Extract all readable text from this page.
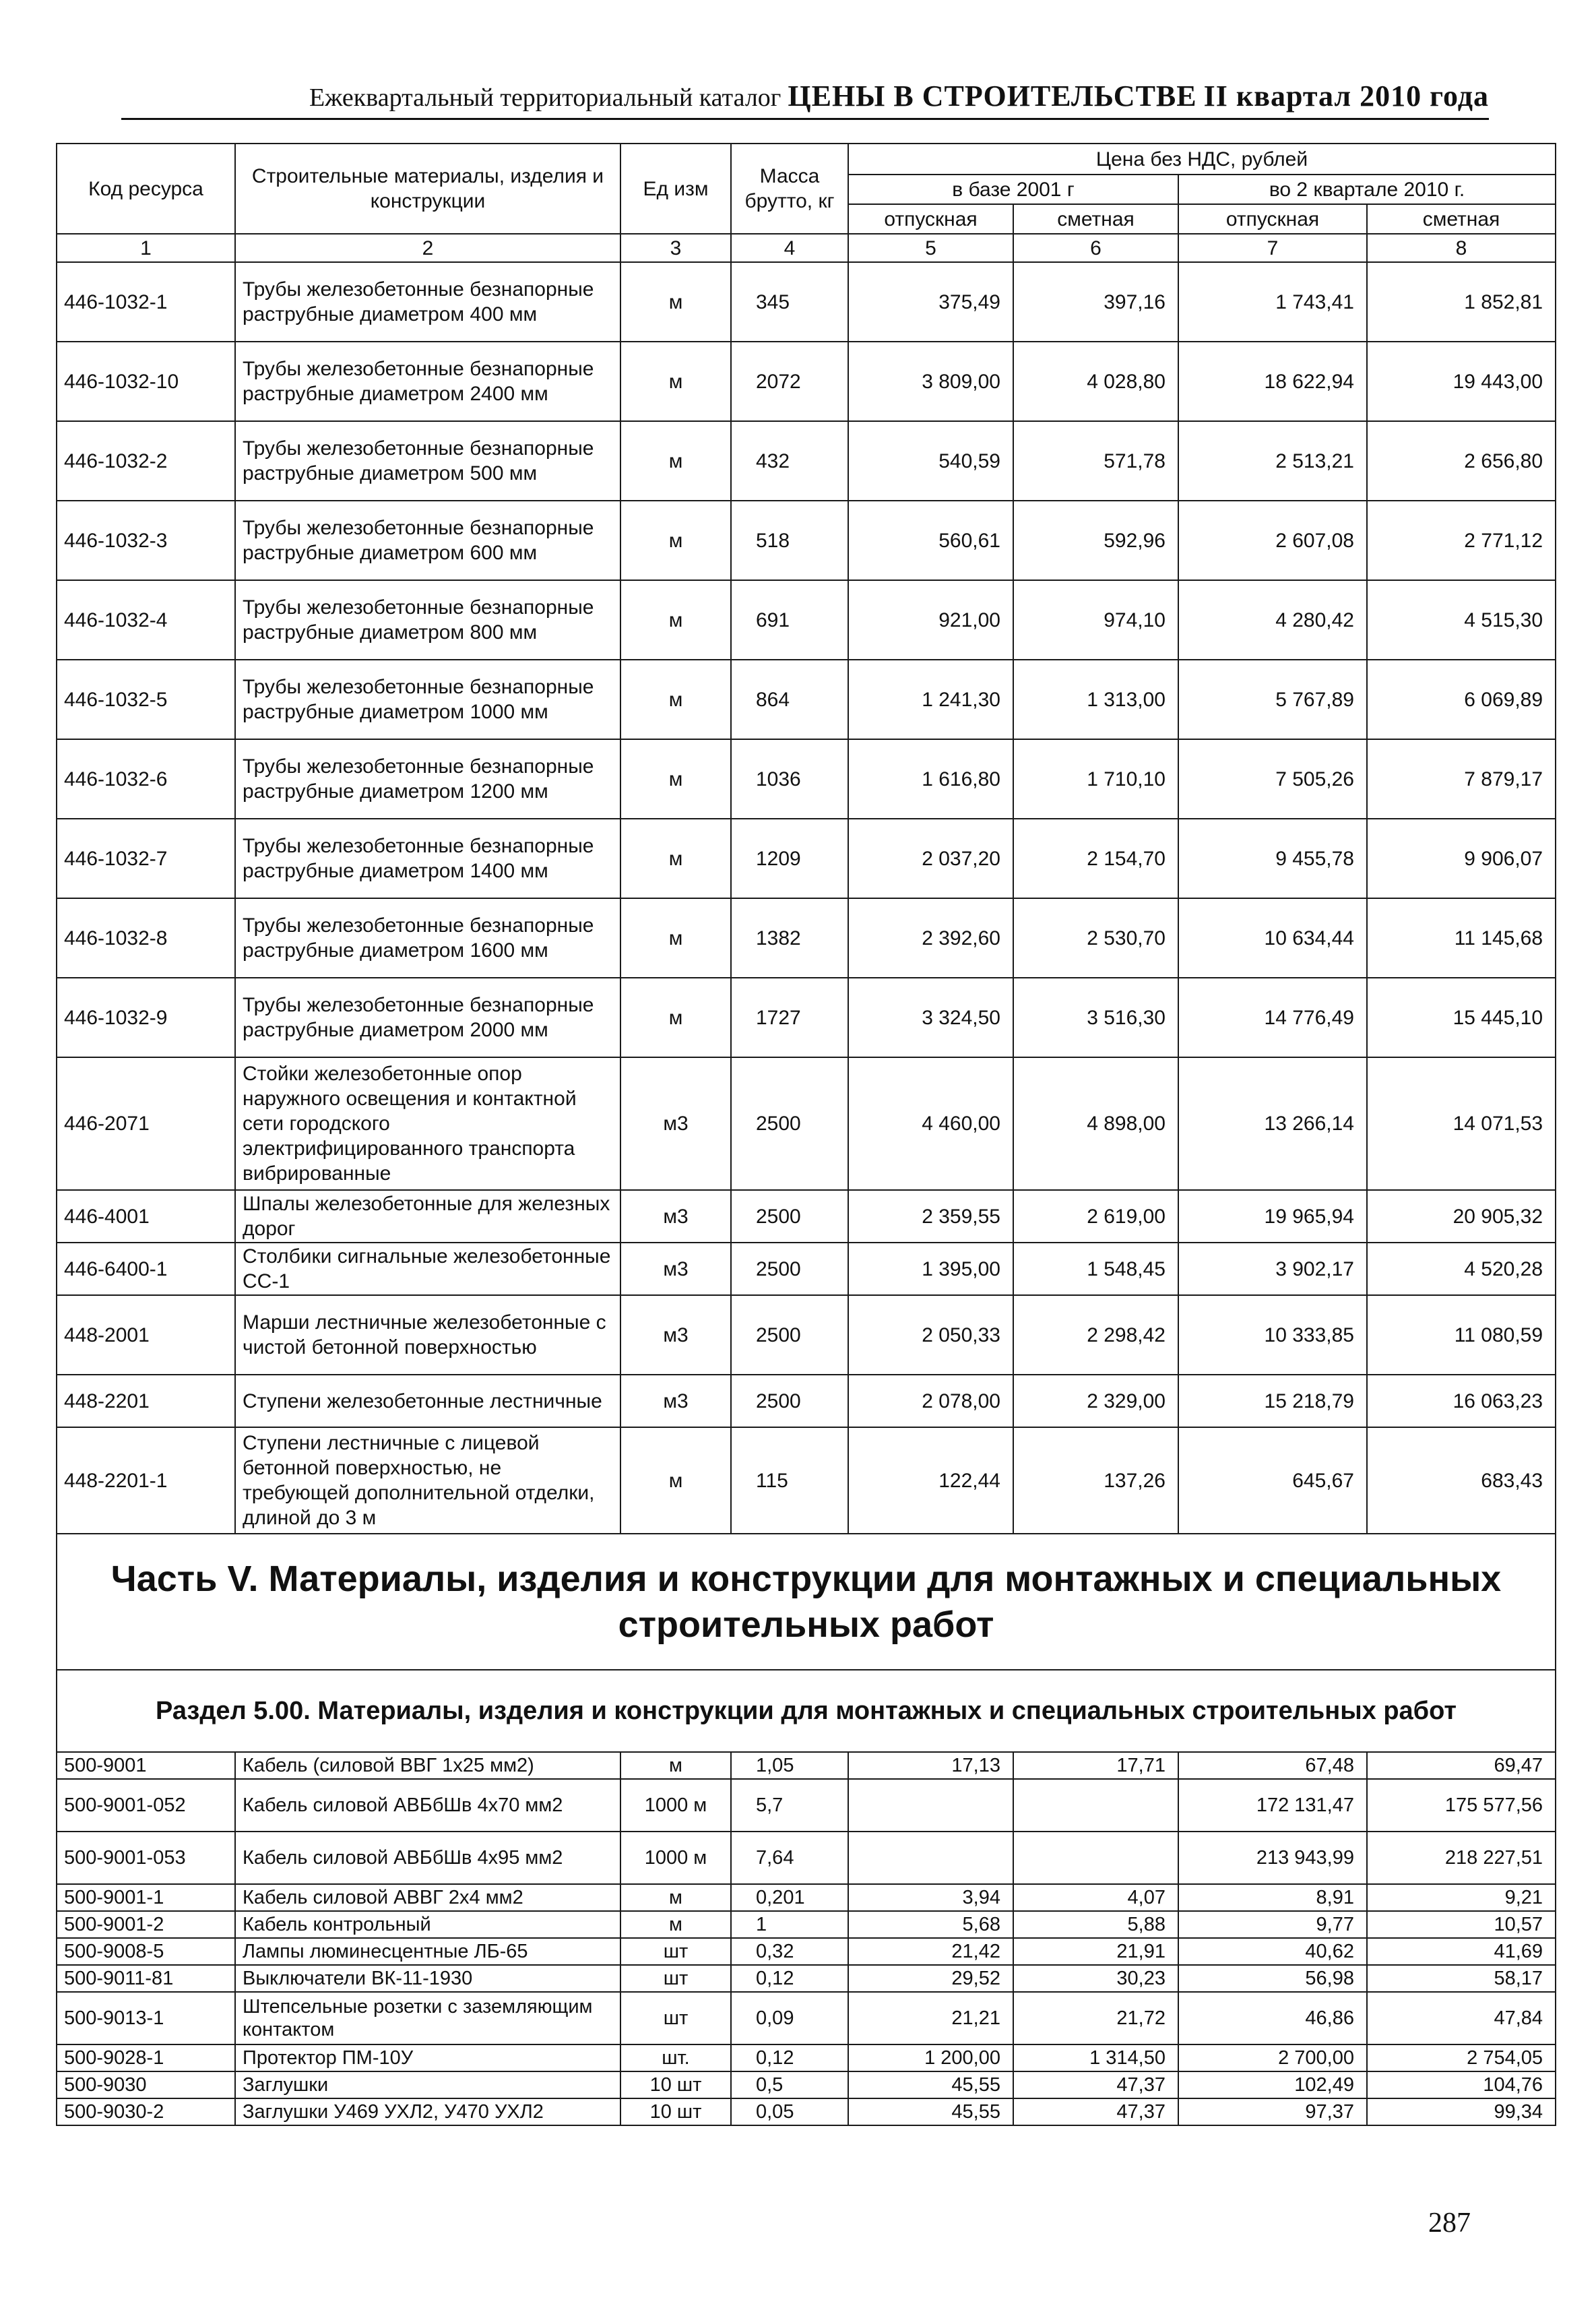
Ежеквартальный территориальный каталог ЦЕНЫ В СТРОИТЕЛЬСТВЕ II квартал 2010 года
Код ресурса	Строительные материалы, изделия и конструкции	Ед изм	Масса брутто, кг	Цена без НДС, рублей			
				в базе 2001 г		во 2 квартале 2010 г.	
				отпускная	сметная	отпускная	сметная
1	2	3	4	5	6	7	8
446-1032-1	Трубы железобетонные безнапорные раструбные диаметром 400 мм	м	345	375,49	397,16	1 743,41	1 852,81
446-1032-10	Трубы железобетонные безнапорные раструбные диаметром 2400 мм	м	2072	3 809,00	4 028,80	18 622,94	19 443,00
446-1032-2	Трубы железобетонные безнапорные раструбные диаметром 500 мм	м	432	540,59	571,78	2 513,21	2 656,80
446-1032-3	Трубы железобетонные безнапорные раструбные диаметром 600 мм	м	518	560,61	592,96	2 607,08	2 771,12
446-1032-4	Трубы железобетонные безнапорные раструбные диаметром 800 мм	м	691	921,00	974,10	4 280,42	4 515,30
446-1032-5	Трубы железобетонные безнапорные раструбные диаметром 1000 мм	м	864	1 241,30	1 313,00	5 767,89	6 069,89
446-1032-6	Трубы железобетонные безнапорные раструбные диаметром 1200 мм	м	1036	1 616,80	1 710,10	7 505,26	7 879,17
446-1032-7	Трубы железобетонные безнапорные раструбные диаметром 1400 мм	м	1209	2 037,20	2 154,70	9 455,78	9 906,07
446-1032-8	Трубы железобетонные безнапорные раструбные диаметром 1600 мм	м	1382	2 392,60	2 530,70	10 634,44	11 145,68
446-1032-9	Трубы железобетонные безнапорные раструбные диаметром 2000 мм	м	1727	3 324,50	3 516,30	14 776,49	15 445,10
446-2071	Стойки железобетонные опор наружного освещения и контактной сети городского электрифицированного транспорта вибрированные	м3	2500	4 460,00	4 898,00	13 266,14	14 071,53
446-4001	Шпалы железобетонные для железных дорог	м3	2500	2 359,55	2 619,00	19 965,94	20 905,32
446-6400-1	Столбики сигнальные железобетонные СС-1	м3	2500	1 395,00	1 548,45	3 902,17	4 520,28
448-2001	Марши лестничные железобетонные с чистой бетонной поверхностью	м3	2500	2 050,33	2 298,42	10 333,85	11 080,59
448-2201	Ступени железобетонные лестничные	м3	2500	2 078,00	2 329,00	15 218,79	16 063,23
448-2201-1	Ступени лестничные с лицевой бетонной поверхностью, не требующей дополнительной отделки, длиной до 3 м	м	115	122,44	137,26	645,67	683,43
Часть V. Материалы, изделия и конструкции для монтажных и специальных строительных работ							
Раздел 5.00. Материалы, изделия и конструкции для монтажных и специальных строительных работ							
500-9001	Кабель (силовой ВВГ 1х25 мм2)	м	1,05	17,13	17,71	67,48	69,47
500-9001-052	Кабель силовой АВБбШв 4х70 мм2	1000 м	5,7			172 131,47	175 577,56
500-9001-053	Кабель силовой АВБбШв 4х95 мм2	1000 м	7,64			213 943,99	218 227,51
500-9001-1	Кабель силовой АВВГ 2х4 мм2	м	0,201	3,94	4,07	8,91	9,21
500-9001-2	Кабель контрольный	м	1	5,68	5,88	9,77	10,57
500-9008-5	Лампы люминесцентные ЛБ-65	шт	0,32	21,42	21,91	40,62	41,69
500-9011-81	Выключатели ВК-11-1930	шт	0,12	29,52	30,23	56,98	58,17
500-9013-1	Штепсельные розетки с заземляющим контактом	шт	0,09	21,21	21,72	46,86	47,84
500-9028-1	Протектор ПМ-10У	шт.	0,12	1 200,00	1 314,50	2 700,00	2 754,05
500-9030	Заглушки	10 шт	0,5	45,55	47,37	102,49	104,76
500-9030-2	Заглушки У469 УХЛ2, У470 УХЛ2	10 шт	0,05	45,55	47,37	97,37	99,34
287
